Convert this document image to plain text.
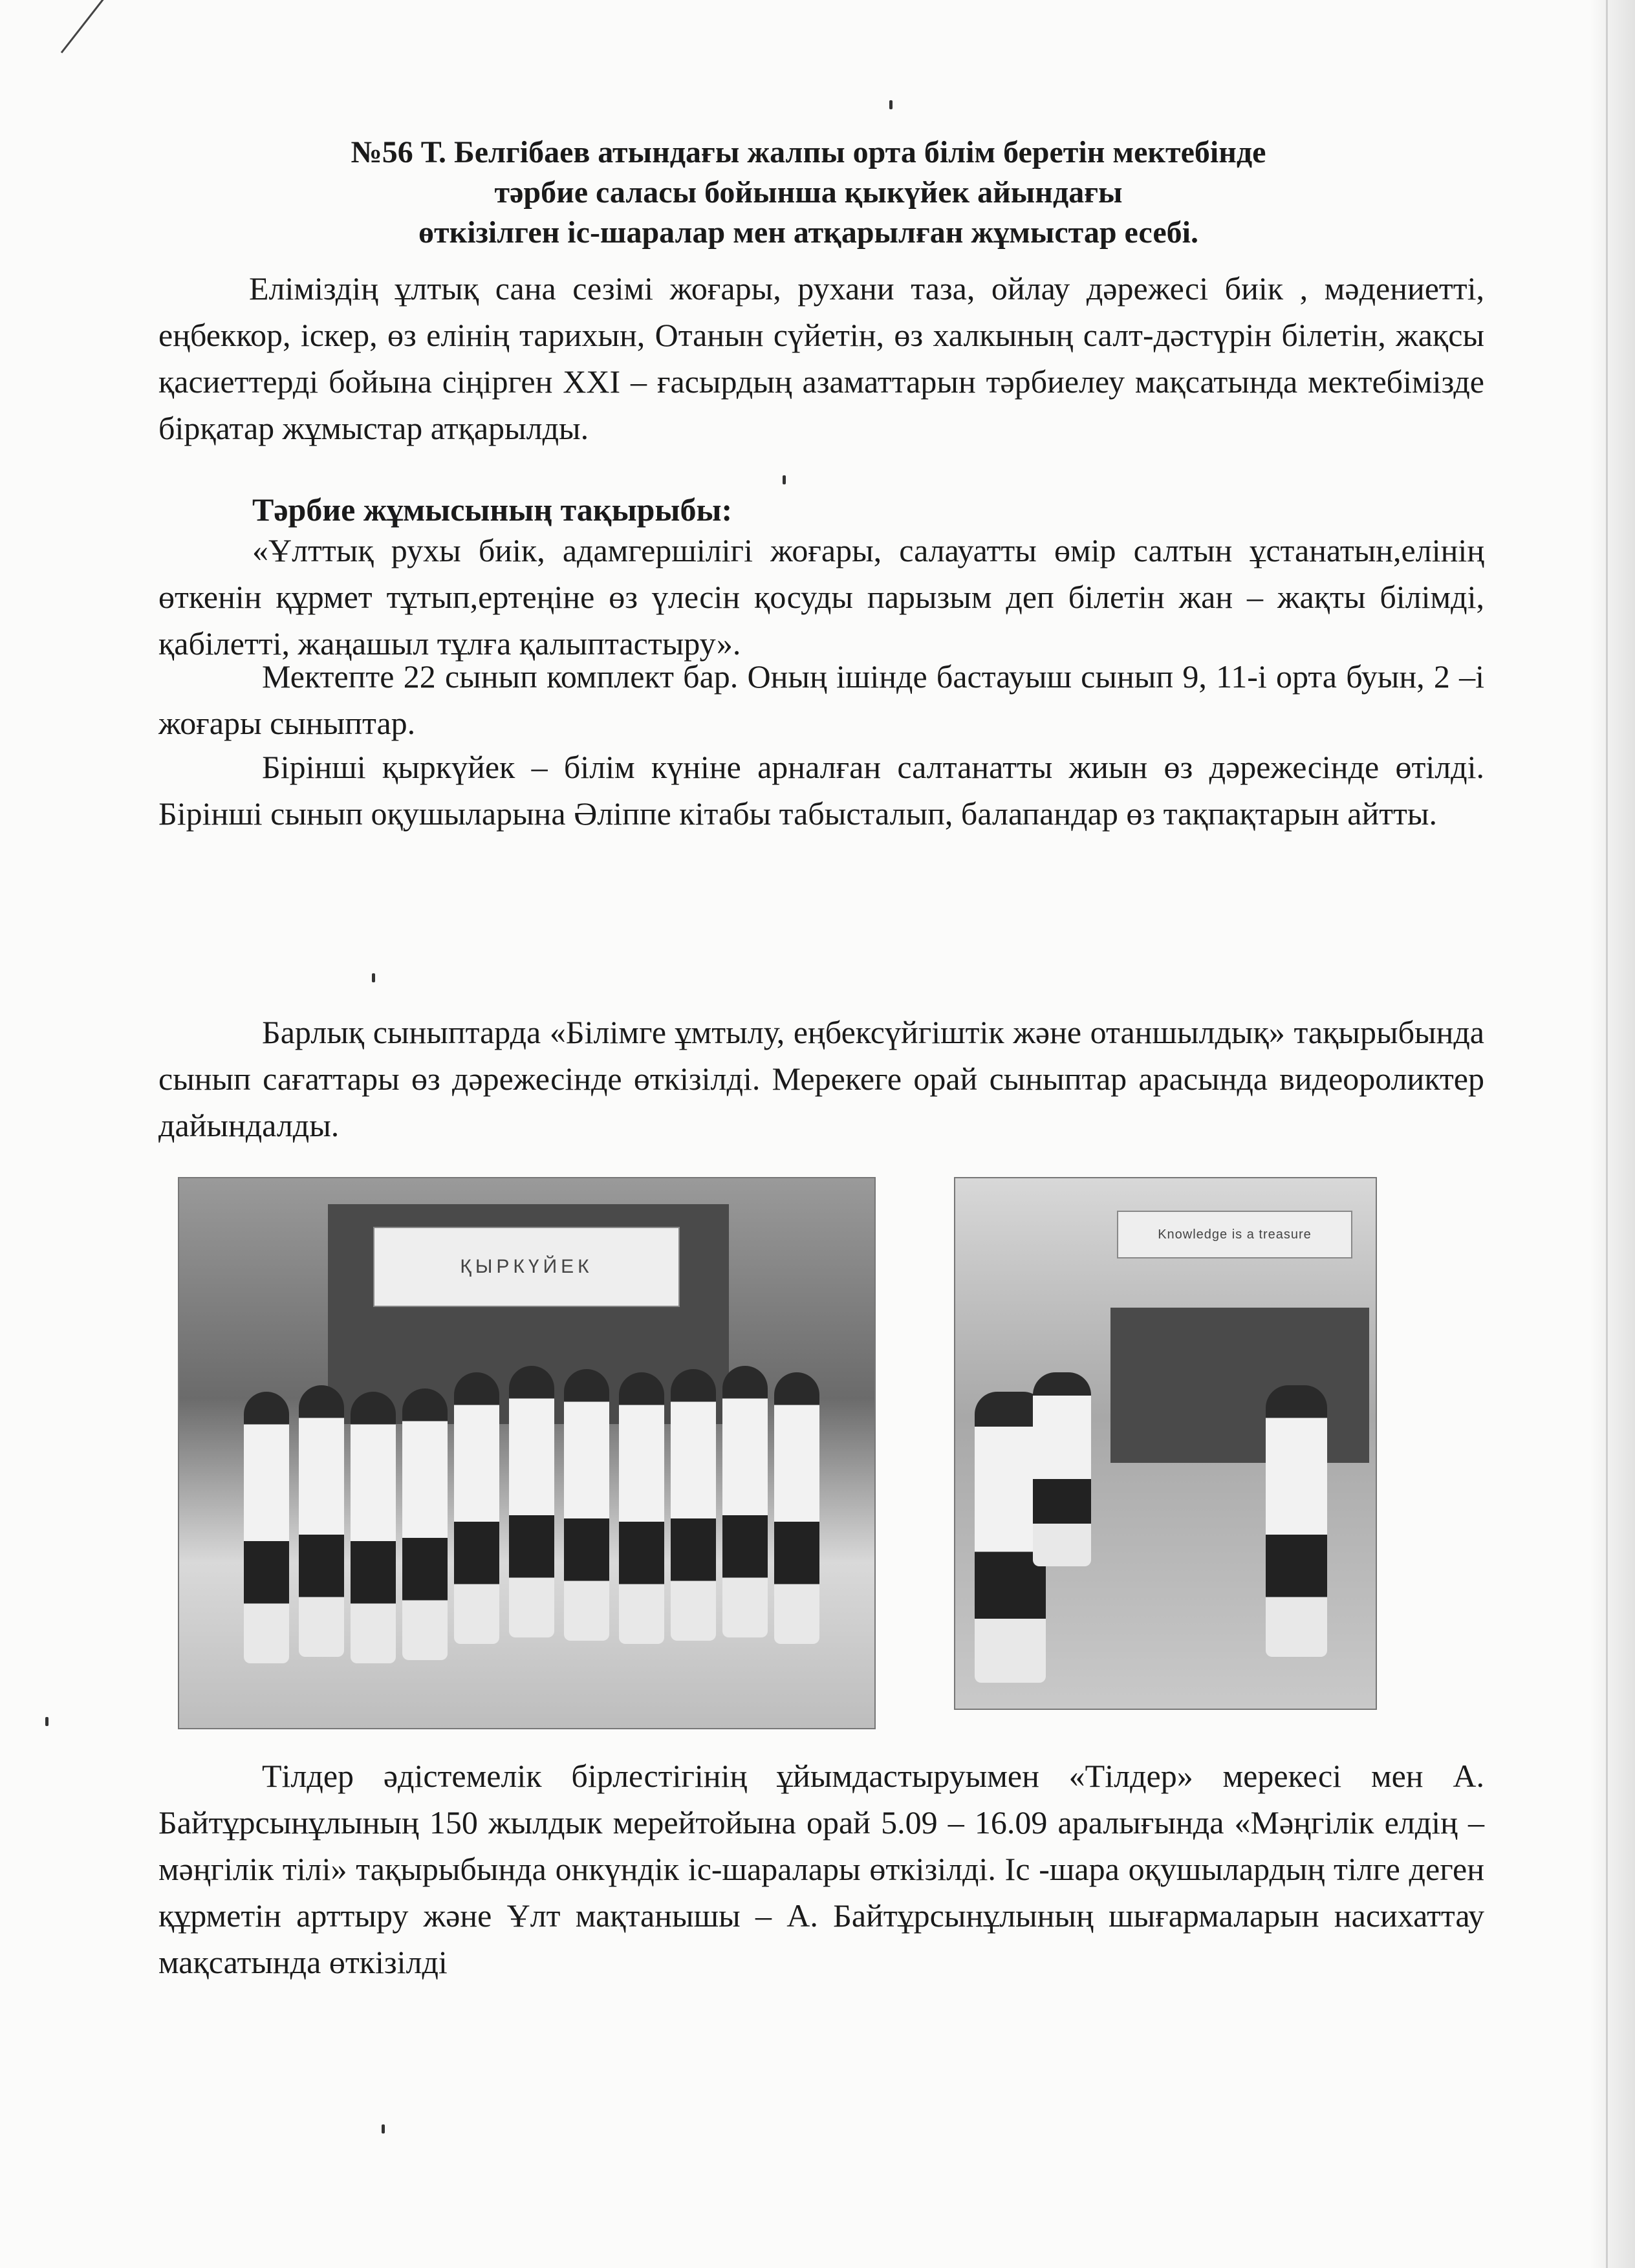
№56 Т. Белгібаев атындағы жалпы орта білім беретін мектебінде
тәрбие саласы бойынша қыкүйек айындағы
өткізілген іс-шаралар мен атқарылған жұмыстар есебі.
Еліміздің ұлтық сана сезімі жоғары, рухани таза, ойлау дәрежесі биік , мәдениетті, еңбеккор, іскер, өз елінің тарихын, Отанын сүйетін, өз халкының салт-дәстүрін білетін, жақсы қасиеттерді бойына сіңірген XXI – ғасырдың азаматтарын тәрбиелеу мақсатында мектебімізде бірқатар жұмыстар атқарылды.
Тәрбие жұмысының тақырыбы:
«Ұлттық рухы биік, адамгершілігі жоғары, салауатты өмір салтын ұстанатын,елінің өткенін құрмет тұтып,ертеңіне өз үлесін қосуды парызым деп білетін жан – жақты білімді, қабілетті, жаңашыл тұлға қалыптастыру».
Мектепте 22 сынып комплект бар. Оның ішінде бастауыш сынып 9, 11-і орта буын, 2 –і жоғары сыныптар.
Бірінші қыркүйек – білім күніне арналған салтанатты жиын өз дәрежесінде өтілді. Бірінші сынып оқушыларына Әліппе кітабы табысталып, балапандар өз тақпақтарын айтты.
Барлық сыныптарда «Білімге ұмтылу, еңбексүйгіштік және отаншылдық» тақырыбында сынып сағаттары өз дәрежесінде өткізілді. Мерекеге орай сыныптар арасында видеороликтер дайындалды.
ҚЫРКҮЙЕК
Knowledge is a treasure
Тілдер әдістемелік бірлестігінің ұйымдастыруымен «Тілдер» мерекесі мен А. Байтұрсынұлының 150 жылдык мерейтойына орай 5.09 – 16.09 аралығында «Мәңгілік елдің – мәңгілік тілі» тақырыбында онкүндік іс-шаралары өткізілді. Іс -шара оқушылардың тілге деген құрметін арттыру және Ұлт мақтанышы – А. Байтұрсынұлының шығармаларын насихаттау мақсатында өткізілді
